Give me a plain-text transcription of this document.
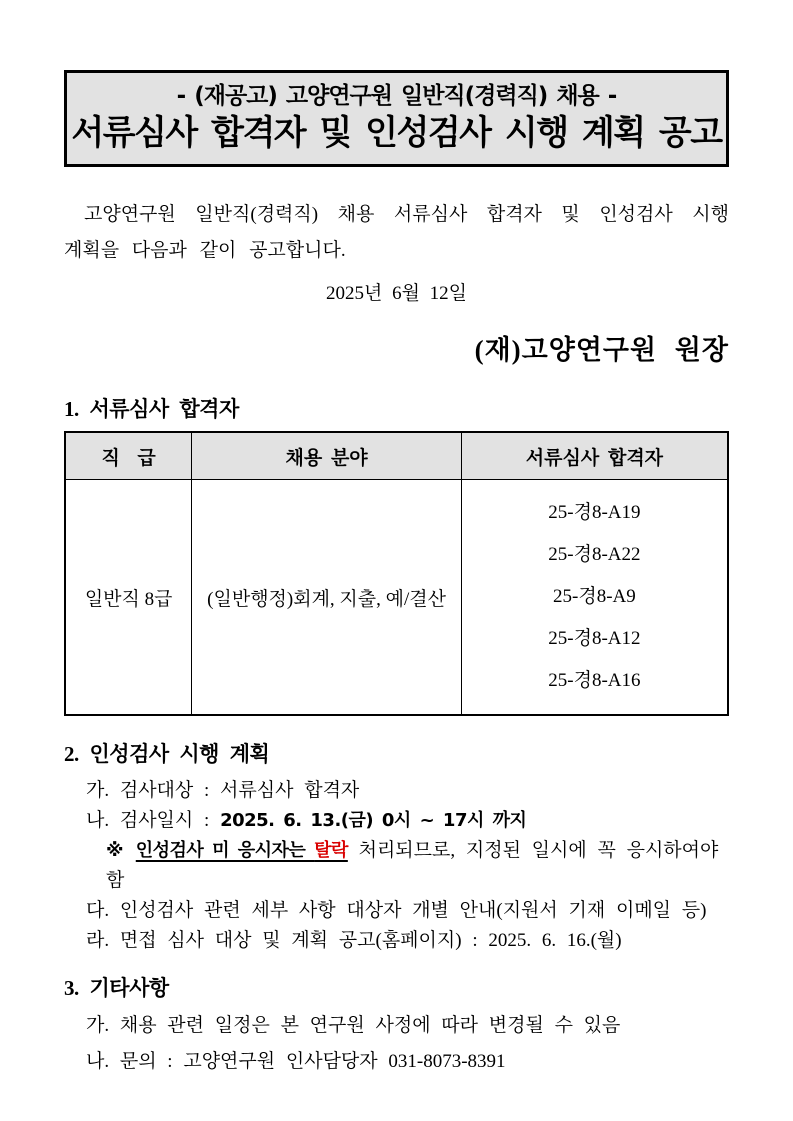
- (재공고) 고양연구원 일반직(경력직) 채용 -
서류심사 합격자 및 인성검사 시행 계획 공고
고양연구원 일반직(경력직) 채용 서류심사 합격자 및 인성검사 시행
계획을 다음과 같이 공고합니다.
2025년 6월 12일
(재)고양연구원 원장
1. 서류심사 합격자
직  급	채용 분야	서류심사 합격자
일반직 8급	(일반행정)회계, 지출, 예/결산	25-경8-A19
25-경8-A22
25-경8-A9
25-경8-A12
25-경8-A16
2. 인성검사 시행 계획
가. 검사대상 : 서류심사 합격자
나. 검사일시 : 2025. 6. 13.(금) 0시 ~ 17시 까지
※ 인성검사 미 응시자는 탈락 처리되므로, 지정된 일시에 꼭 응시하여야 함
다. 인성검사 관련 세부 사항 대상자 개별 안내(지원서 기재 이메일 등)
라. 면접 심사 대상 및 계획 공고(홈페이지) : 2025. 6. 16.(월)
3. 기타사항
가. 채용 관련 일정은 본 연구원 사정에 따라 변경될 수 있음
나. 문의 : 고양연구원 인사담당자 031-8073-8391
